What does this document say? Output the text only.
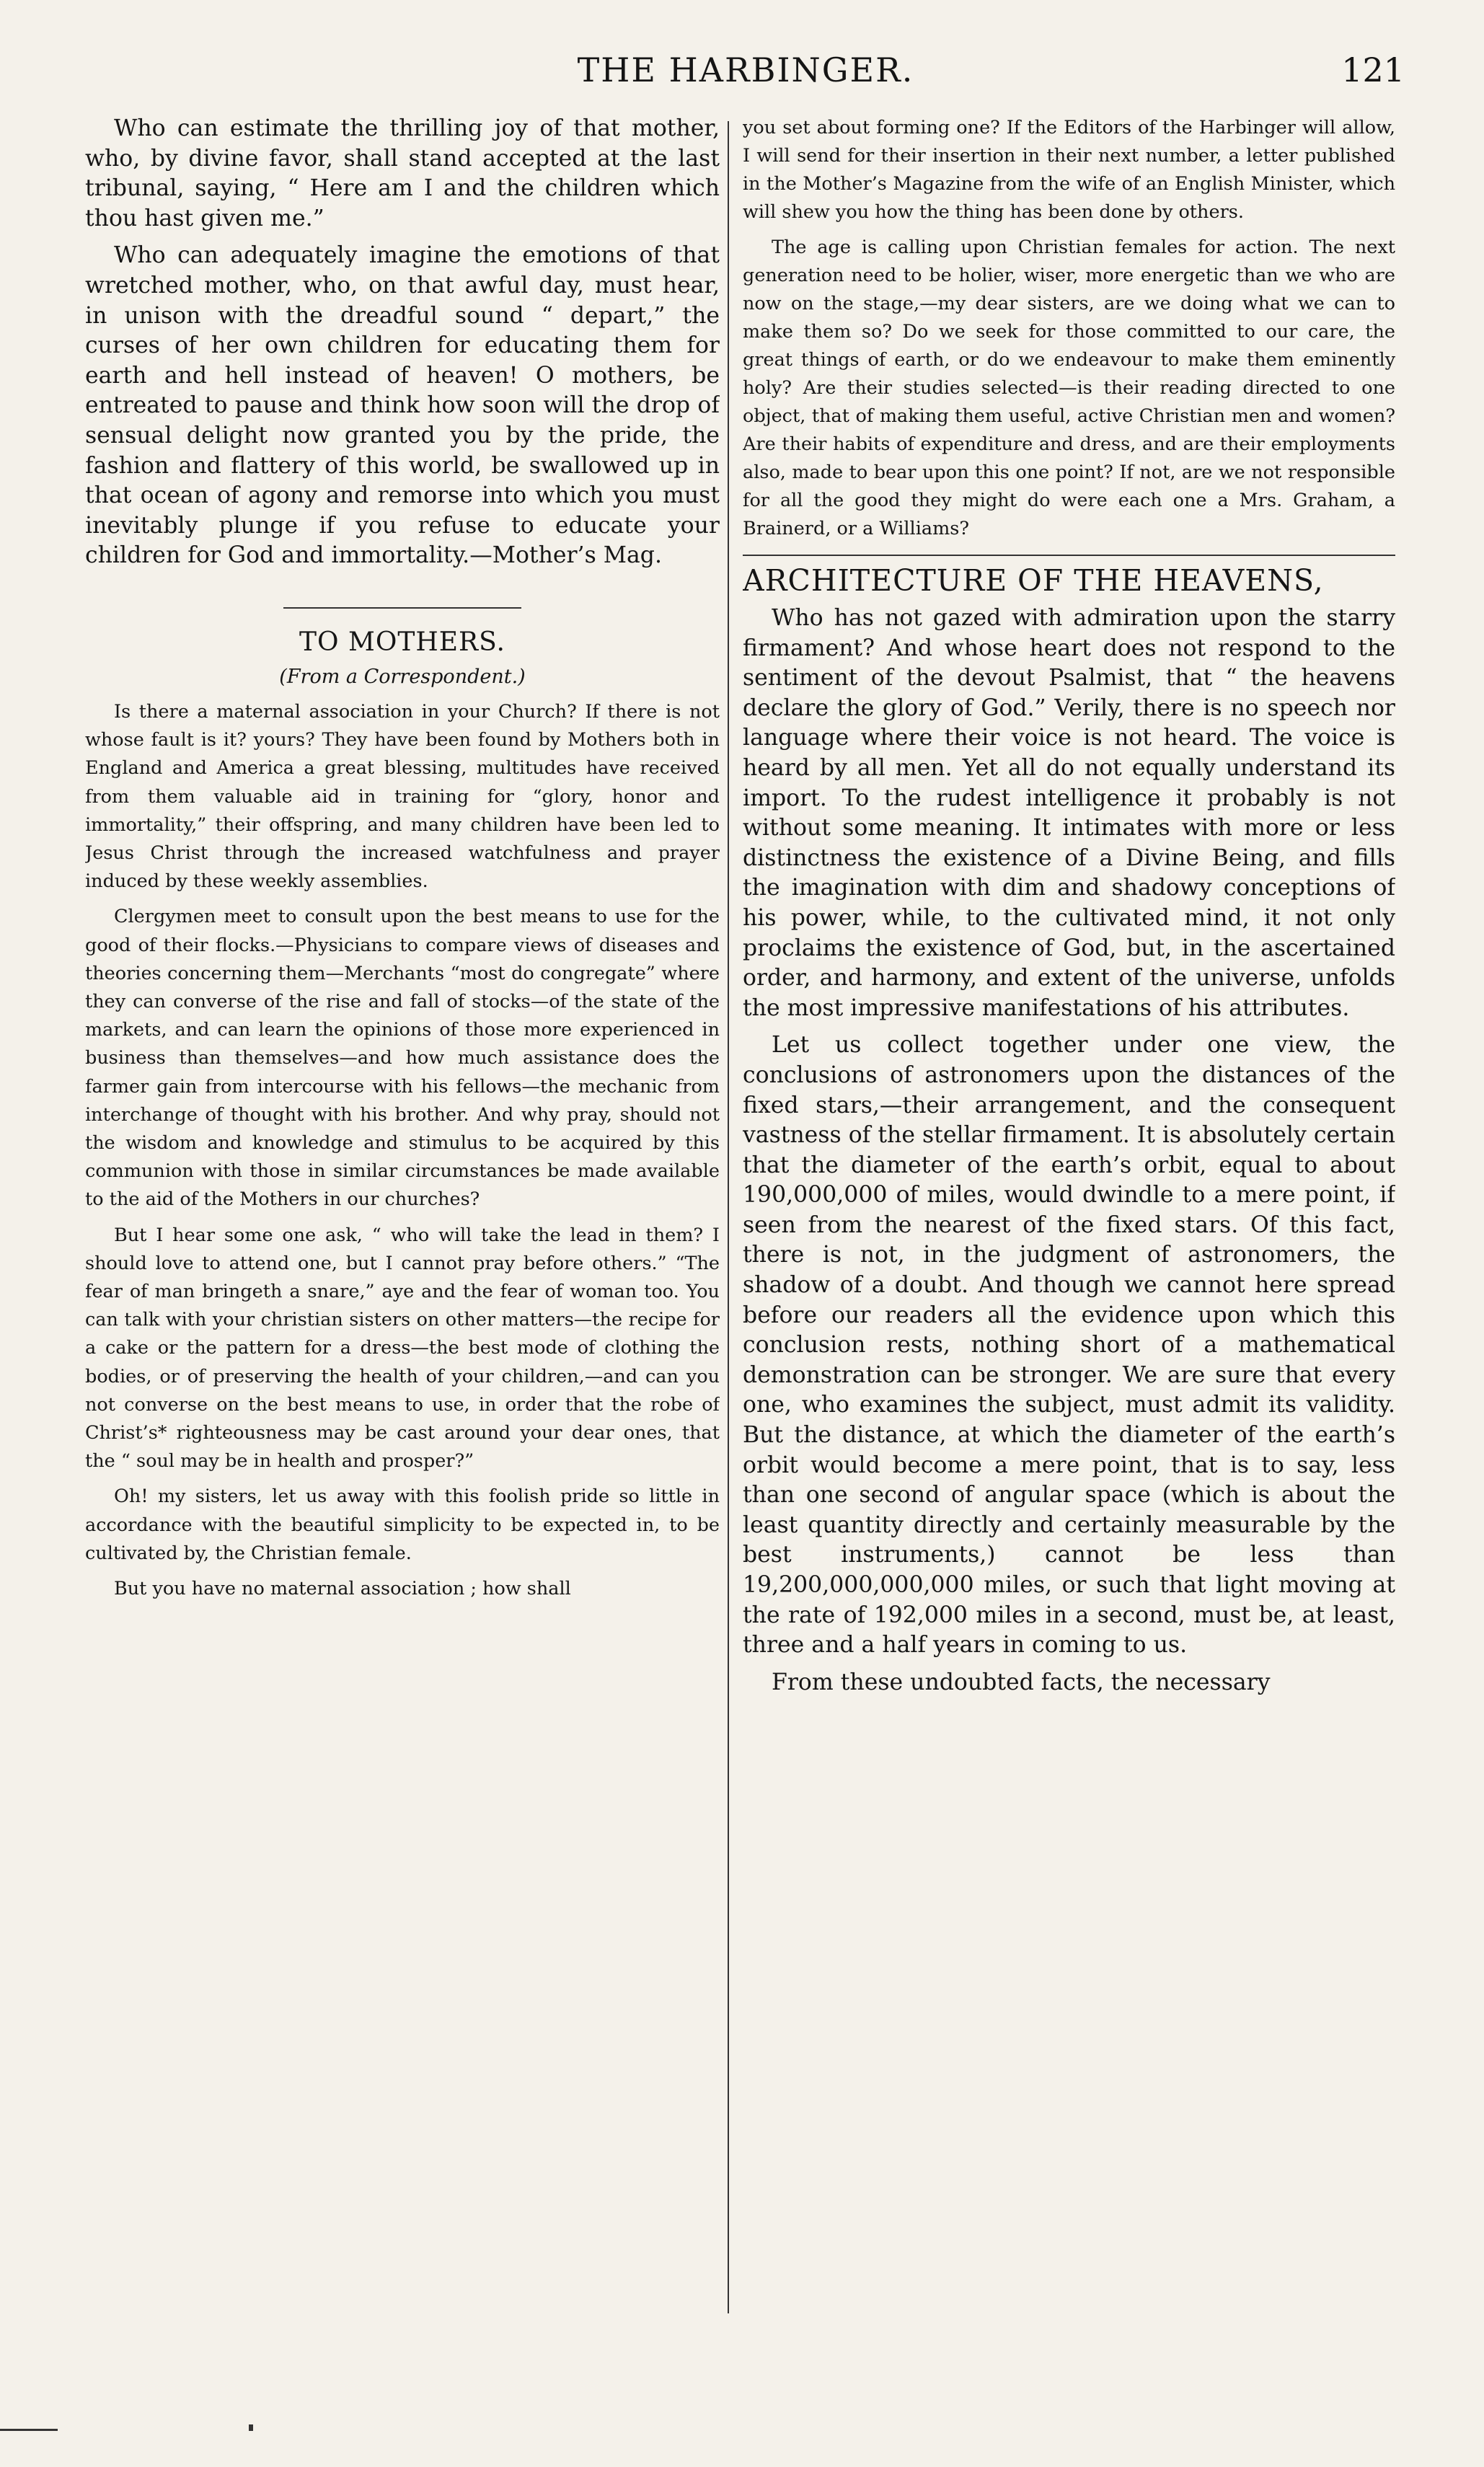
THE HARBINGER.	121

Who can estimate the thrilling joy of that mother, who, by divine favor, shall stand accepted at the last tribunal, saying, “ Here am I and the children which thou hast given me.”

Who can adequately imagine the emotions of that wretched mother, who, on that awful day, must hear, in unison with the dreadful sound “ depart,” the curses of her own children for educating them for earth and hell instead of heaven! O mothers, be entreated to pause and think how soon will the drop of sensual delight now granted you by the pride, the fashion and flattery of this world, be swallowed up in that ocean of agony and remorse into which you must inevitably plunge if you refuse to educate your children for God and immortality.—Mother’s Mag.

TO MOTHERS.
(From a Correspondent.)

Is there a maternal association in your Church? If there is not whose fault is it? yours? They have been found by Mothers both in England and America a great blessing, multitudes have received from them valuable aid in training for “glory, honor and immortality,” their offspring, and many children have been led to Jesus Christ through the increased watchfulness and prayer induced by these weekly assemblies.

Clergymen meet to consult upon the best means to use for the good of their flocks.—Physicians to compare views of diseases and theories concerning them—Merchants “most do congregate” where they can converse of the rise and fall of stocks—of the state of the markets, and can learn the opinions of those more experienced in business than themselves—and how much assistance does the farmer gain from intercourse with his fellows—the mechanic from interchange of thought with his brother. And why pray, should not the wisdom and knowledge and stimulus to be acquired by this communion with those in similar circumstances be made available to the aid of the Mothers in our churches?

But I hear some one ask, “ who will take the lead in them? I should love to attend one, but I cannot pray before others.” “The fear of man bringeth a snare,” aye and the fear of woman too. You can talk with your christian sisters on other matters—the recipe for a cake or the pattern for a dress—the best mode of clothing the bodies, or of preserving the health of your children,—and can you not converse on the best means to use, in order that the robe of Christ’s* righteousness may be cast around your dear ones, that the “ soul may be in health and prosper?”

Oh! my sisters, let us away with this foolish pride so little in accordance with the beautiful simplicity to be expected in, to be cultivated by, the Christian female.

But you have no maternal association ; how shall

you set about forming one? If the Editors of the Harbinger will allow, I will send for their insertion in their next number, a letter published in the Mother’s Magazine from the wife of an English Minister, which will shew you how the thing has been done by others.

The age is calling upon Christian females for action. The next generation need to be holier, wiser, more energetic than we who are now on the stage,—my dear sisters, are we doing what we can to make them so? Do we seek for those committed to our care, the great things of earth, or do we endeavour to make them eminently holy? Are their studies selected—is their reading directed to one object, that of making them useful, active Christian men and women? Are their habits of expenditure and dress, and are their employments also, made to bear upon this one point? If not, are we not responsible for all the good they might do were each one a Mrs. Graham, a Brainerd, or a Williams?

ARCHITECTURE OF THE HEAVENS,

Who has not gazed with admiration upon the starry firmament? And whose heart does not respond to the sentiment of the devout Psalmist, that “ the heavens declare the glory of God.” Verily, there is no speech nor language where their voice is not heard. The voice is heard by all men. Yet all do not equally understand its import. To the rudest intelligence it probably is not without some meaning. It intimates with more or less distinctness the existence of a Divine Being, and fills the imagination with dim and shadowy conceptions of his power, while, to the cultivated mind, it not only proclaims the existence of God, but, in the ascertained order, and harmony, and extent of the universe, unfolds the most impressive manifestations of his attributes.

Let us collect together under one view, the conclusions of astronomers upon the distances of the fixed stars,—their arrangement, and the consequent vastness of the stellar firmament. It is absolutely certain that the diameter of the earth’s orbit, equal to about 190,000,000 of miles, would dwindle to a mere point, if seen from the nearest of the fixed stars. Of this fact, there is not, in the judgment of astronomers, the shadow of a doubt. And though we cannot here spread before our readers all the evidence upon which this conclusion rests, nothing short of a mathematical demonstration can be stronger. We are sure that every one, who examines the subject, must admit its validity. But the distance, at which the diameter of the earth’s orbit would become a mere point, that is to say, less than one second of angular space (which is about the least quantity directly and certainly measurable by the best instruments,) cannot be less than 19,200,000,000,000 miles, or such that light moving at the rate of 192,000 miles in a second, must be, at least, three and a half years in coming to us.

From these undoubted facts, the necessary
